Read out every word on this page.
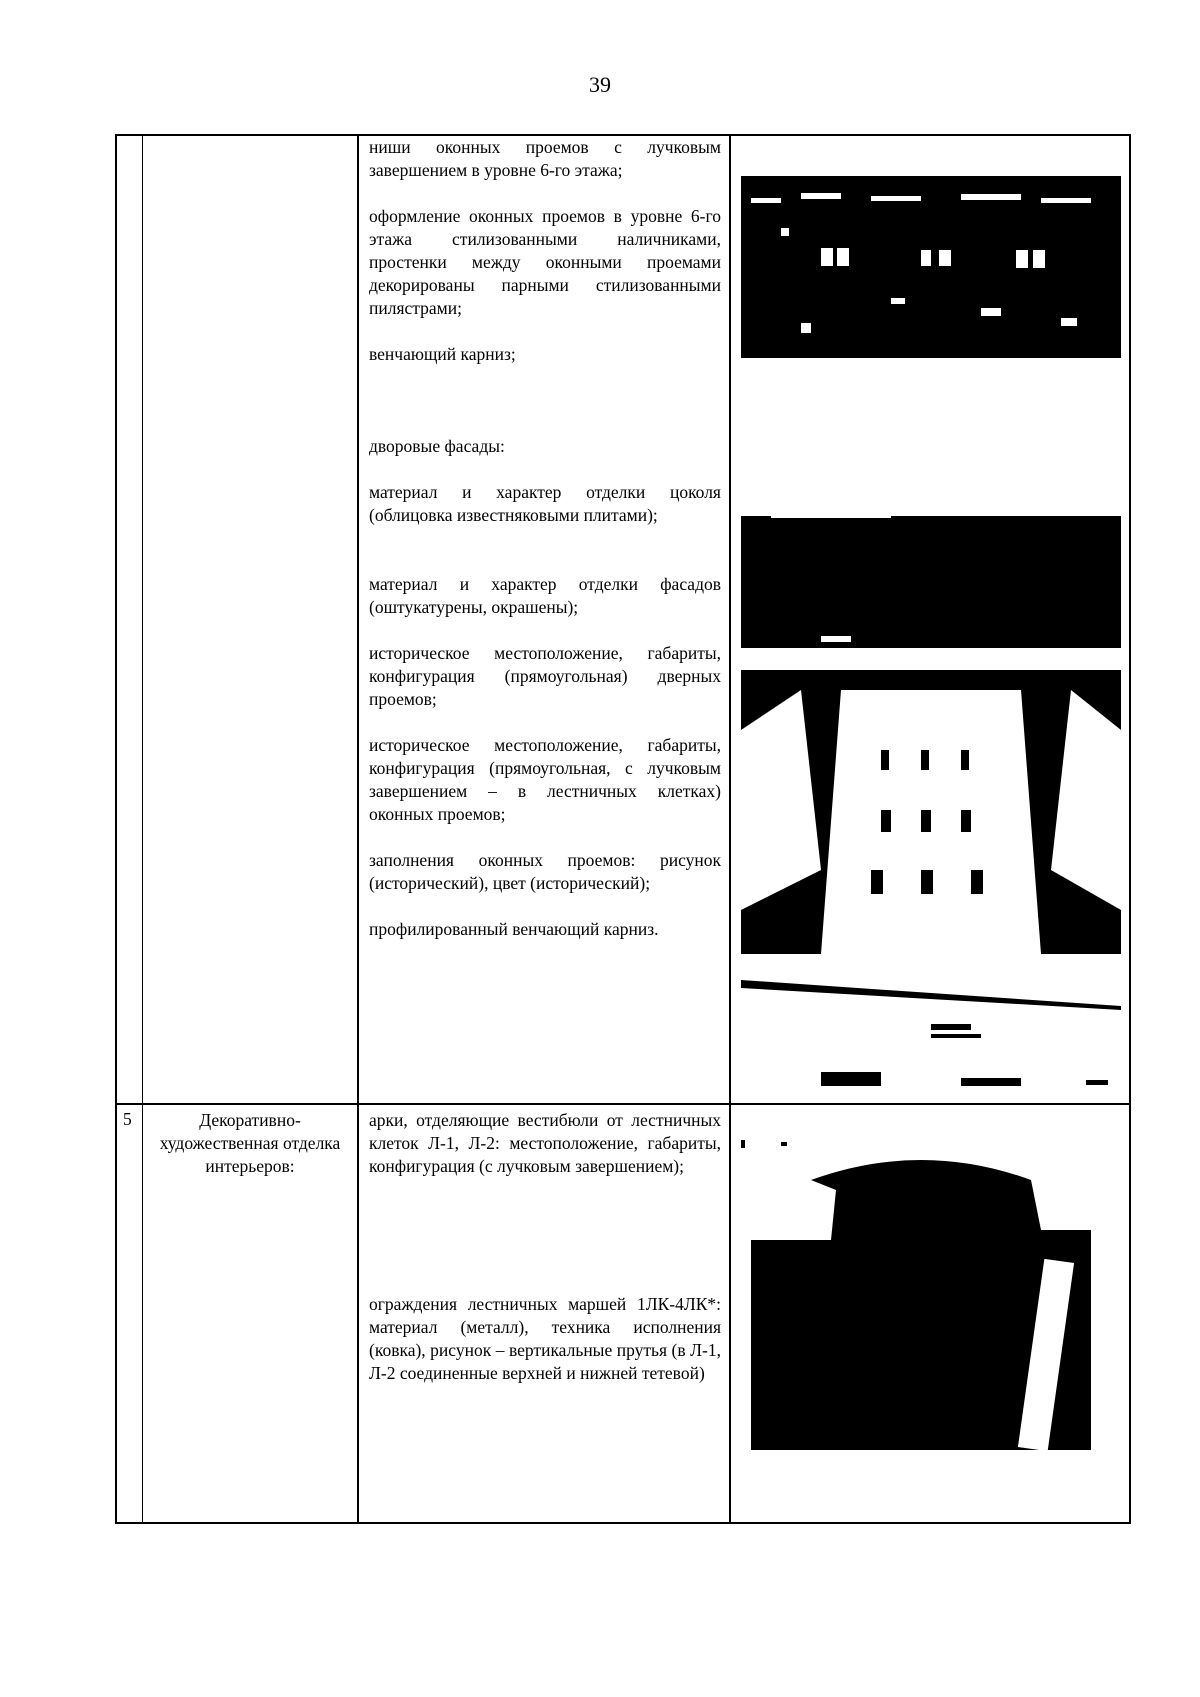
39

ниши оконных проемов с лучковым завершением в уровне 6-го этажа;

оформление оконных проемов в уровне 6-го этажа стилизованными наличниками, простенки между оконными проемами декорированы парными стилизованными пилястрами;

венчающий карниз;

дворовые фасады:

материал и характер отделки цоколя (облицовка известняковыми плитами);

материал и характер отделки фасадов (оштукатурены, окрашены);

историческое местоположение, габариты, конфигурация (прямоугольная) дверных проемов;

историческое местоположение, габариты, конфигурация (прямоугольная, с лучковым завершением – в лестничных клетках) оконных проемов;

заполнения оконных проемов: рисунок (исторический), цвет (исторический);

профилированный венчающий карниз.

5	Декоративно-художественная отделка интерьеров:

арки, отделяющие вестибюли от лестничных клеток Л-1, Л-2: местоположение, габариты, конфигурация (с лучковым завершением);

ограждения лестничных маршей 1ЛК-4ЛК*: материал (металл), техника исполнения (ковка), рисунок – вертикальные прутья (в Л-1, Л-2 соединенные верхней и нижней тетевой)
